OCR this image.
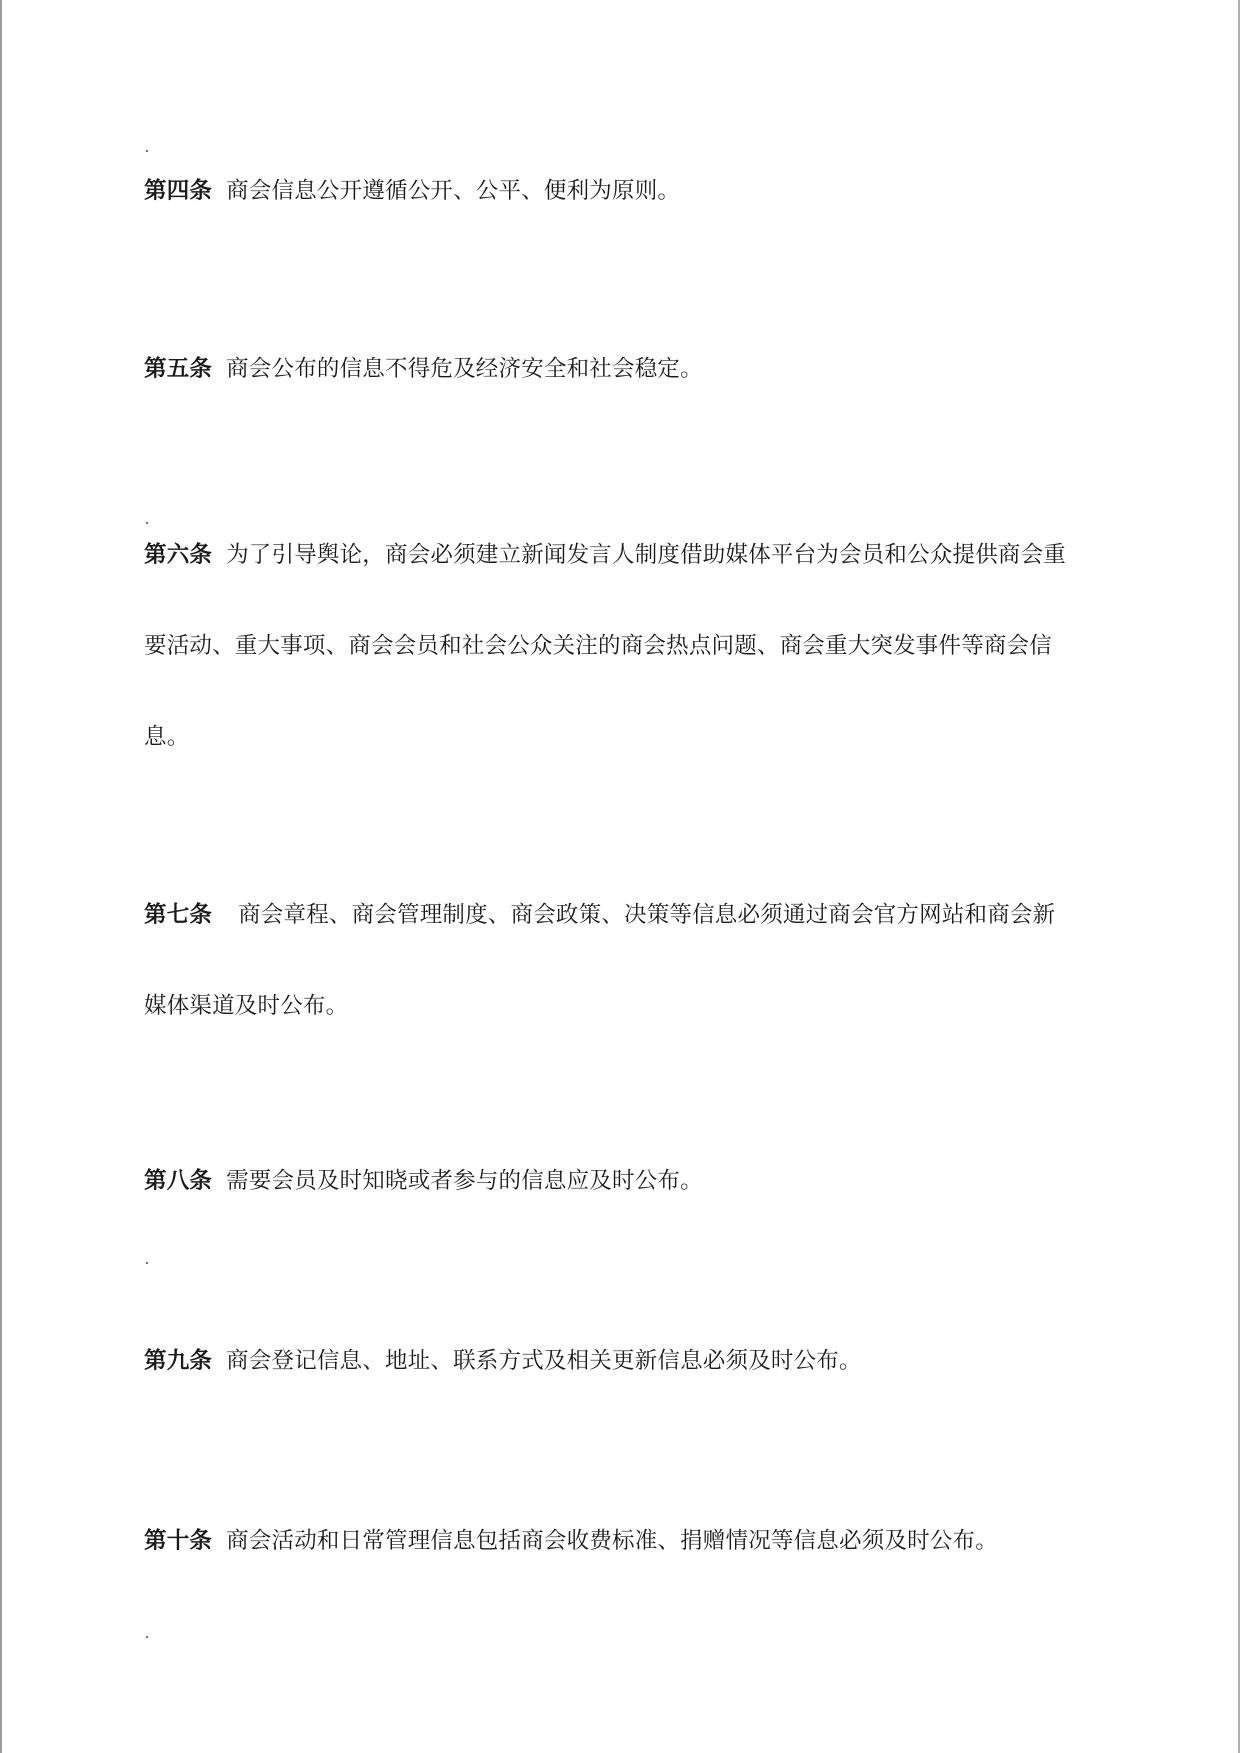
第四条 商会信息公开遵循公开、公平、便利为原则。
第五条 商会公布的信息不得危及经济安全和社会稳定。
第六条 为了引导舆论，商会必须建立新闻发言人制度借助媒体平台为会员和公众提供商会重
要活动、重大事项、商会会员和社会公众关注的商会热点问题、商会重大突发事件等商会信
息。
第七条 商会章程、商会管理制度、商会政策、决策等信息必须通过商会官方网站和商会新
媒体渠道及时公布。
第八条 需要会员及时知晓或者参与的信息应及时公布。
第九条 商会登记信息、地址、联系方式及相关更新信息必须及时公布。
第十条 商会活动和日常管理信息包括商会收费标准、捐赠情况等信息必须及时公布。
